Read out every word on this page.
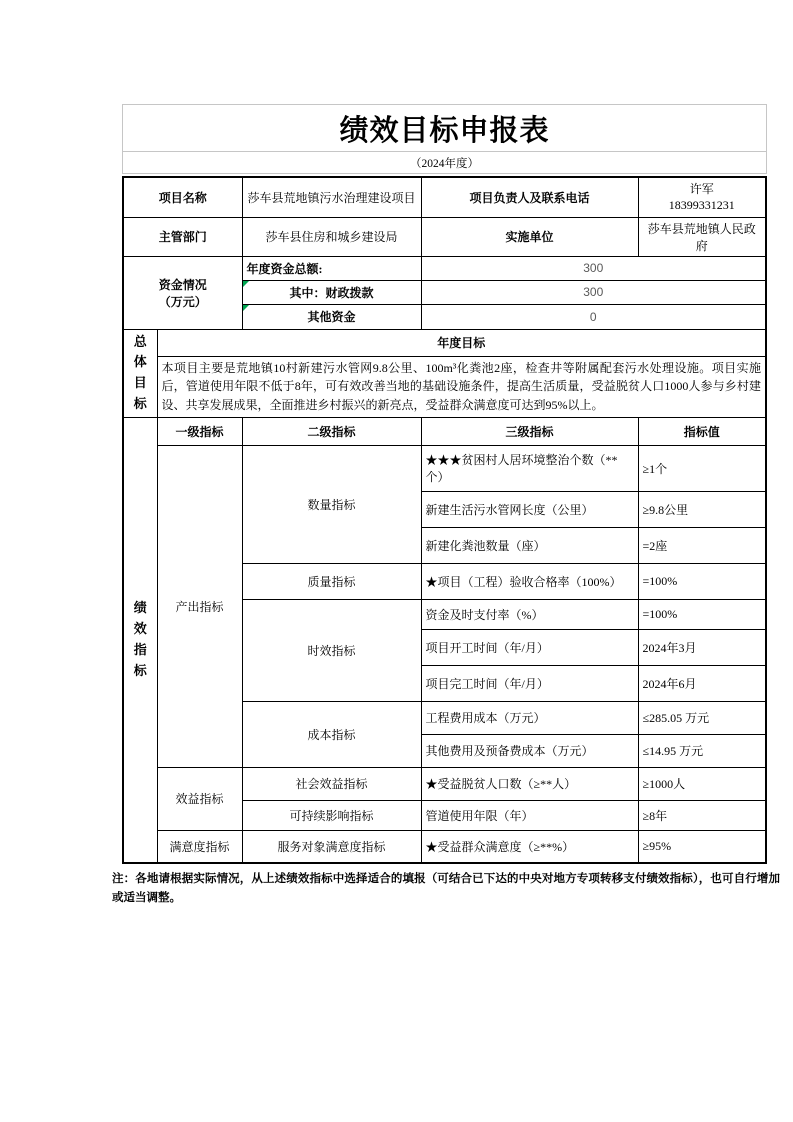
绩效目标申报表
（2024年度）
项目名称		莎车县荒地镇污水治理建设项目	项目负责人及联系电话	许军
18399331231

主管部门		莎车县住房和城乡建设局	实施单位	莎车县荒地镇人民政府
资金情况
（万元）		年度资金总额:	300	
		其中：财政拨款	300	
		其他资金	0	

总体目标	年度目标			
	本项目主要是荒地镇10村新建污水管网9.8公里、100m³化粪池2座，检查井等附属配套污水处理设施。项目实施后，管道使用年限不低于8年，可有效改善当地的基础设施条件，提高生活质量，受益脱贫人口1000人参与乡村建设、共享发展成果，全面推进乡村振兴的新亮点，受益群众满意度可达到95%以上。			

绩效指标	一级指标	二级指标	三级指标	指标值
	产出指标	数量指标	★★★贫困村人居环境整治个数（**个）	≥1个
			新建生活污水管网长度（公里）	≥9.8公里
			新建化粪池数量（座）	=2座
		质量指标	★项目（工程）验收合格率（100%）	=100%
		时效指标	资金及时支付率（%）	=100%
			项目开工时间（年/月）	2024年3月
			项目完工时间（年/月）	2024年6月
		成本指标	工程费用成本（万元）	≤285.05 万元
			其他费用及预备费成本（万元）	≤14.95 万元
	效益指标	社会效益指标	★受益脱贫人口数（≥**人）	≥1000人
		可持续影响指标	管道使用年限（年）	≥8年
	满意度指标	服务对象满意度指标	★受益群众满意度（≥**%）	≥95%
注：各地请根据实际情况，从上述绩效指标中选择适合的填报（可结合已下达的中央对地方专项转移支付绩效指标），也可自行增加或适当调整。
